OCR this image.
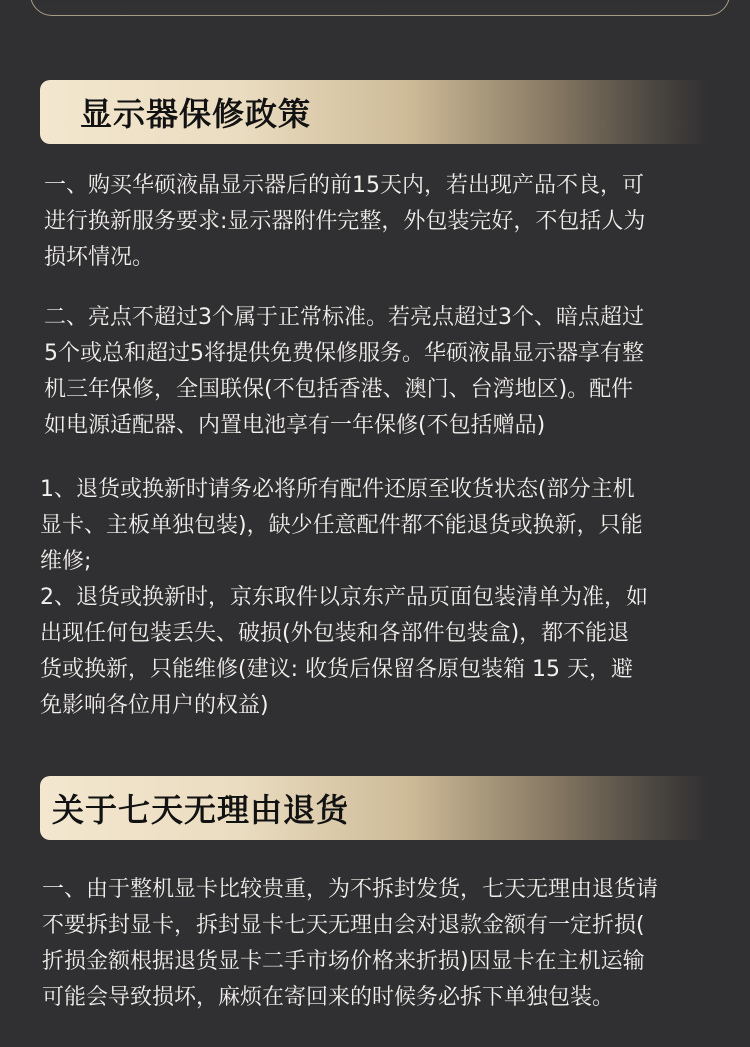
显示器保修政策

一、购买华硕液晶显示器后的前15天内，若出现产品不良，可
进行换新服务要求:显示器附件完整，外包装完好，不包括人为
损坏情况。

二、亮点不超过3个属于正常标准。若亮点超过3个、暗点超过
5个或总和超过5将提供免费保修服务。华硕液晶显示器享有整
机三年保修，全国联保(不包括香港、澳门、台湾地区)。配件
如电源适配器、内置电池享有一年保修(不包括赠品)

1、退货或换新时请务必将所有配件还原至收货状态(部分主机
显卡、主板单独包装)，缺少任意配件都不能退货或换新，只能
维修;
2、退货或换新时，京东取件以京东产品页面包装清单为准，如
出现任何包装丢失、破损(外包装和各部件包装盒)，都不能退
货或换新，只能维修(建议: 收货后保留各原包装箱 15 天，避
免影响各位用户的权益)

关于七天无理由退货

一、由于整机显卡比较贵重，为不拆封发货，七天无理由退货请
不要拆封显卡，拆封显卡七天无理由会对退款金额有一定折损(
折损金额根据退货显卡二手市场价格来折损)因显卡在主机运输
可能会导致损坏，麻烦在寄回来的时候务必拆下单独包装。
